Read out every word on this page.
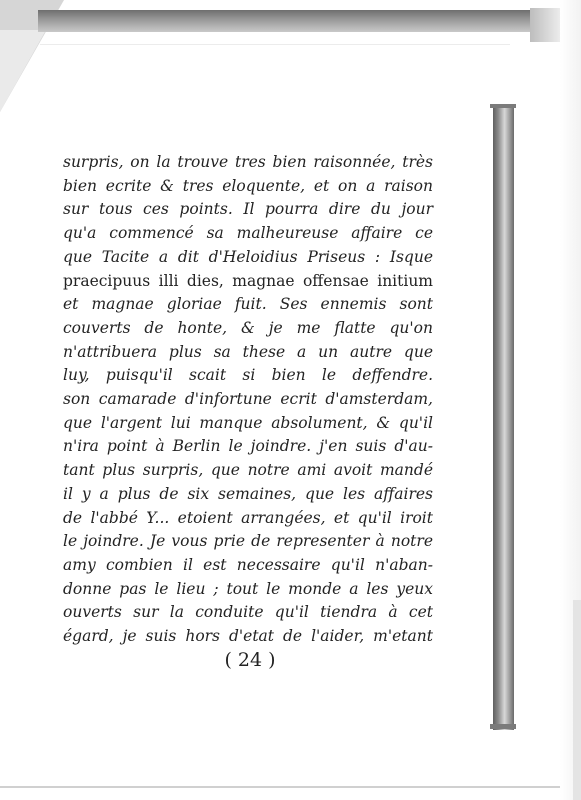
surpris, on la trouve tres bien raisonnée, très
bien ecrite & tres eloquente, et on a raison
sur tous ces points. Il pourra dire du jour
qu'a commencé sa malheureuse affaire ce
que Tacite a dit d'Heloidius Priseus : Isque
praecipuus illi dies, magnae offensae initium
et magnae gloriae fuit. Ses ennemis sont
couverts de honte, & je me flatte qu'on
n'attribuera plus sa these a un autre que
luy, puisqu'il scait si bien le deffendre.
son camarade d'infortune ecrit d'amsterdam,
que l'argent lui manque absolument, & qu'il
n'ira point à Berlin le joindre. j'en suis d'au-
tant plus surpris, que notre ami avoit mandé
il y a plus de six semaines, que les affaires
de l'abbé Y... etoient arrangées, et qu'il iroit
le joindre. Je vous prie de representer à notre
amy combien il est necessaire qu'il n'aban-
donne pas le lieu ; tout le monde a les yeux
ouverts sur la conduite qu'il tiendra à cet
égard, je suis hors d'etat de l'aider, m'etant
( 24 )
